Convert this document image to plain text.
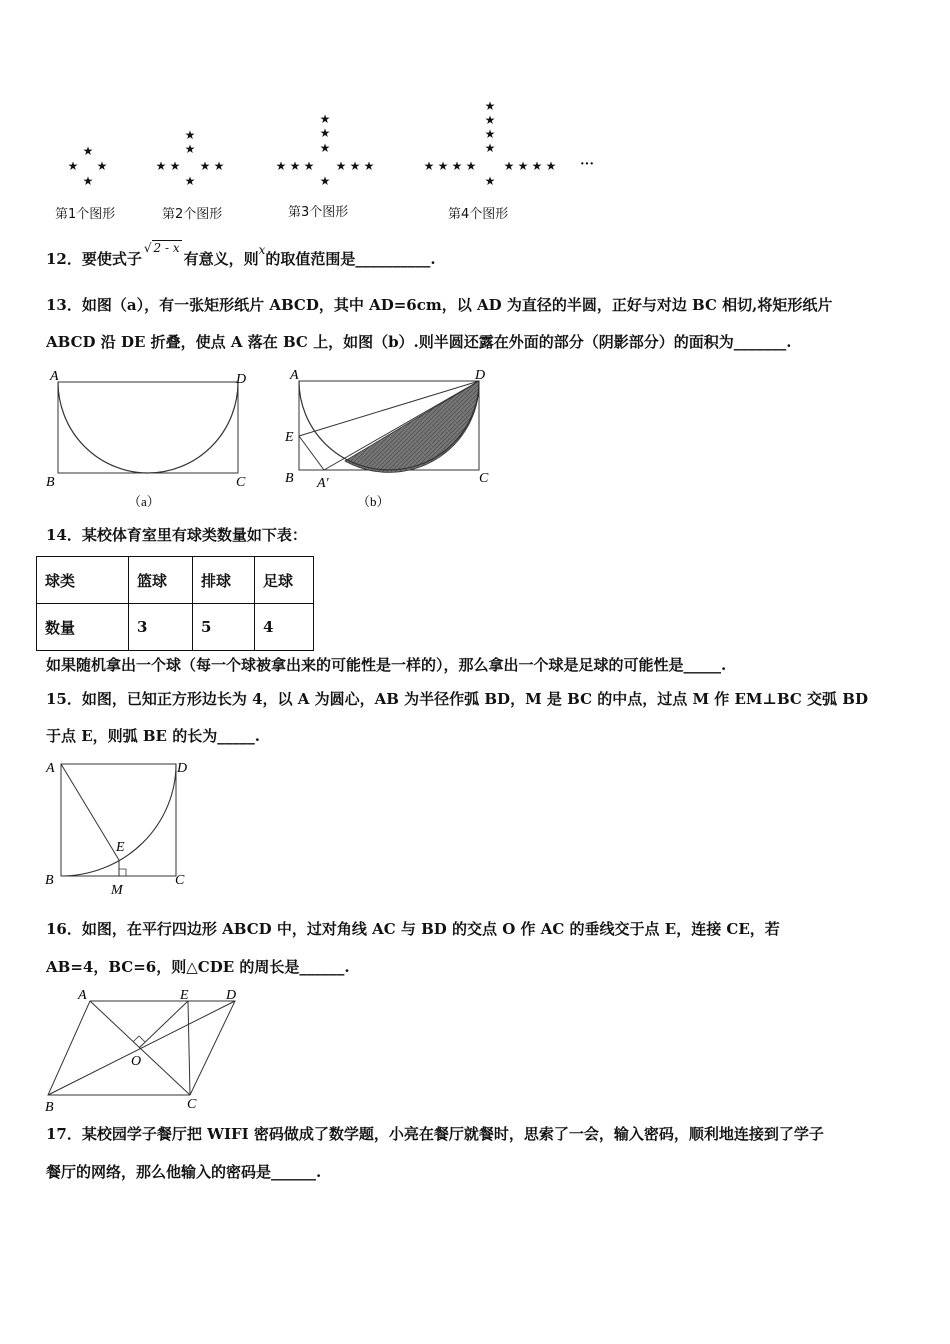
★
★ ★
★
★
★
★ ★ ★ ★
★
★
★
★
★ ★ ★ ★ ★ ★
★
★
★
★
★
★ ★ ★ ★ ★ ★ ★ ★
★
···
第1个图形	第2个图形	第3个图形	第4个图形
12．要使式子√ 2 - x有意义，则x的取值范围是__________.
13．如图（a），有一张矩形纸片 ABCD，其中 AD=6cm，以 AD 为直径的半圆，正好与对边 BC 相切,将矩形纸片
ABCD 沿 DE 折叠，使点 A 落在 BC 上，如图（b）.则半圆还露在外面的部分（阴影部分）的面积为_______.
A	D
B	C
（a）
A	D
E
B A′	C
（b）
14．某校体育室里有球类数量如下表：
球类	篮球	排球	足球
数量	3	5	4
如果随机拿出一个球（每一个球被拿出来的可能性是一样的），那么拿出一个球是足球的可能性是_____.
15．如图，已知正方形边长为 4，以 A 为圆心，AB 为半径作弧 BD，M 是 BC 的中点，过点 M 作 EM⊥BC 交弧 BD
于点 E，则弧 BE 的长为_____.
A	D
E
B
M
C
16．如图，在平行四边形 ABCD 中，过对角线 AC 与 BD 的交点 O 作 AC 的垂线交于点 E，连接 CE，若
AB=4，BC=6，则△CDE 的周长是______.
A	E	D
O
B	C
17．某校园学子餐厅把 WIFI 密码做成了数学题，小亮在餐厅就餐时，思索了一会，输入密码，顺利地连接到了学子
餐厅的网络，那么他输入的密码是______.
